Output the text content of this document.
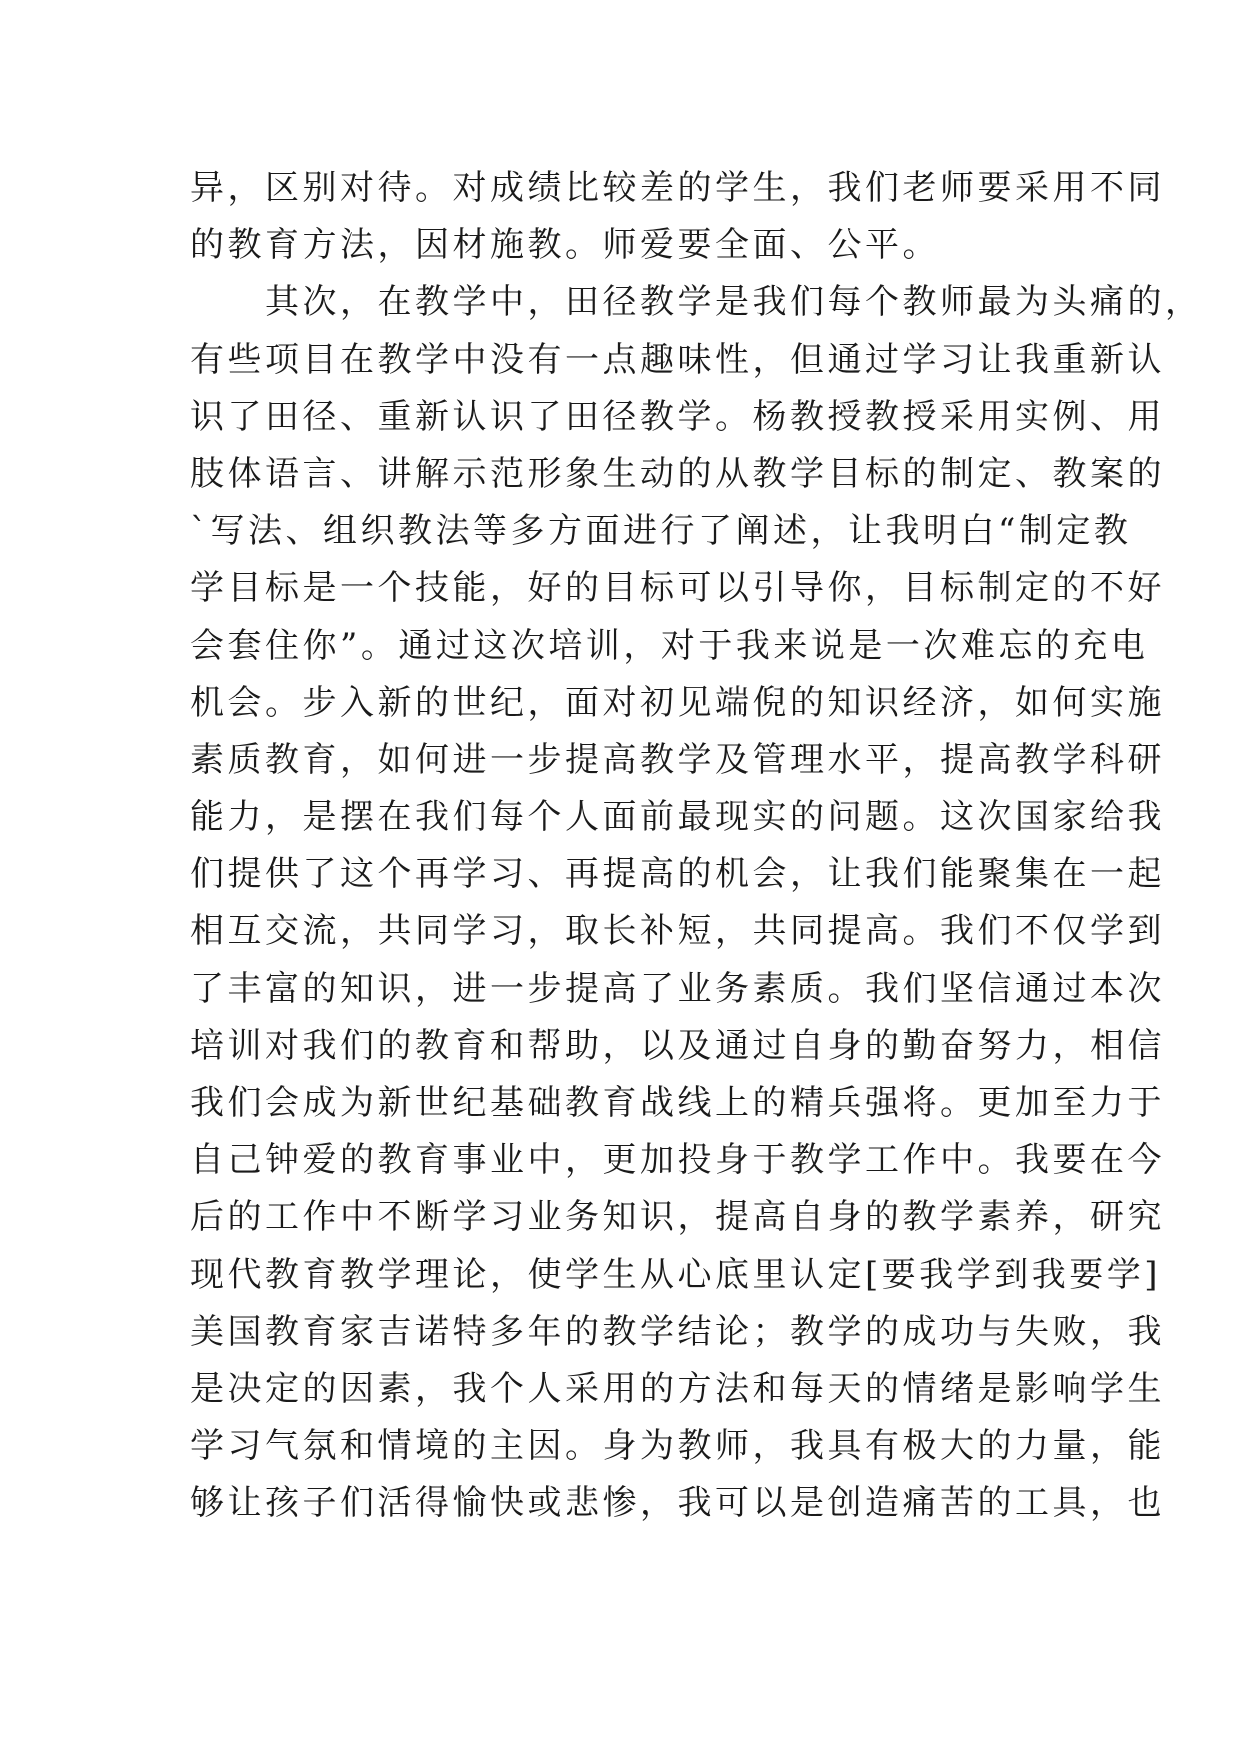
异，区别对待。对成绩比较差的学生，我们老师要采用不同
的教育方法，因材施教。师爱要全面、公平。
　　其次，在教学中，田径教学是我们每个教师最为头痛的，
有些项目在教学中没有一点趣味性，但通过学习让我重新认
识了田径、重新认识了田径教学。杨教授教授采用实例、用
肢体语言、讲解示范形象生动的从教学目标的制定、教案的
`写法、组织教法等多方面进行了阐述，让我明白“制定教
学目标是一个技能，好的目标可以引导你，目标制定的不好
会套住你”。通过这次培训，对于我来说是一次难忘的充电
机会。步入新的世纪，面对初见端倪的知识经济，如何实施
素质教育，如何进一步提高教学及管理水平，提高教学科研
能力，是摆在我们每个人面前最现实的问题。这次国家给我
们提供了这个再学习、再提高的机会，让我们能聚集在一起
相互交流，共同学习，取长补短，共同提高。我们不仅学到
了丰富的知识，进一步提高了业务素质。我们坚信通过本次
培训对我们的教育和帮助，以及通过自身的勤奋努力，相信
我们会成为新世纪基础教育战线上的精兵强将。更加至力于
自己钟爱的教育事业中，更加投身于教学工作中。我要在今
后的工作中不断学习业务知识，提高自身的教学素养，研究
现代教育教学理论，使学生从心底里认定[要我学到我要学]
美国教育家吉诺特多年的教学结论；教学的成功与失败，我
是决定的因素，我个人采用的方法和每天的情绪是影响学生
学习气氛和情境的主因。身为教师，我具有极大的力量，能
够让孩子们活得愉快或悲惨，我可以是创造痛苦的工具，也
